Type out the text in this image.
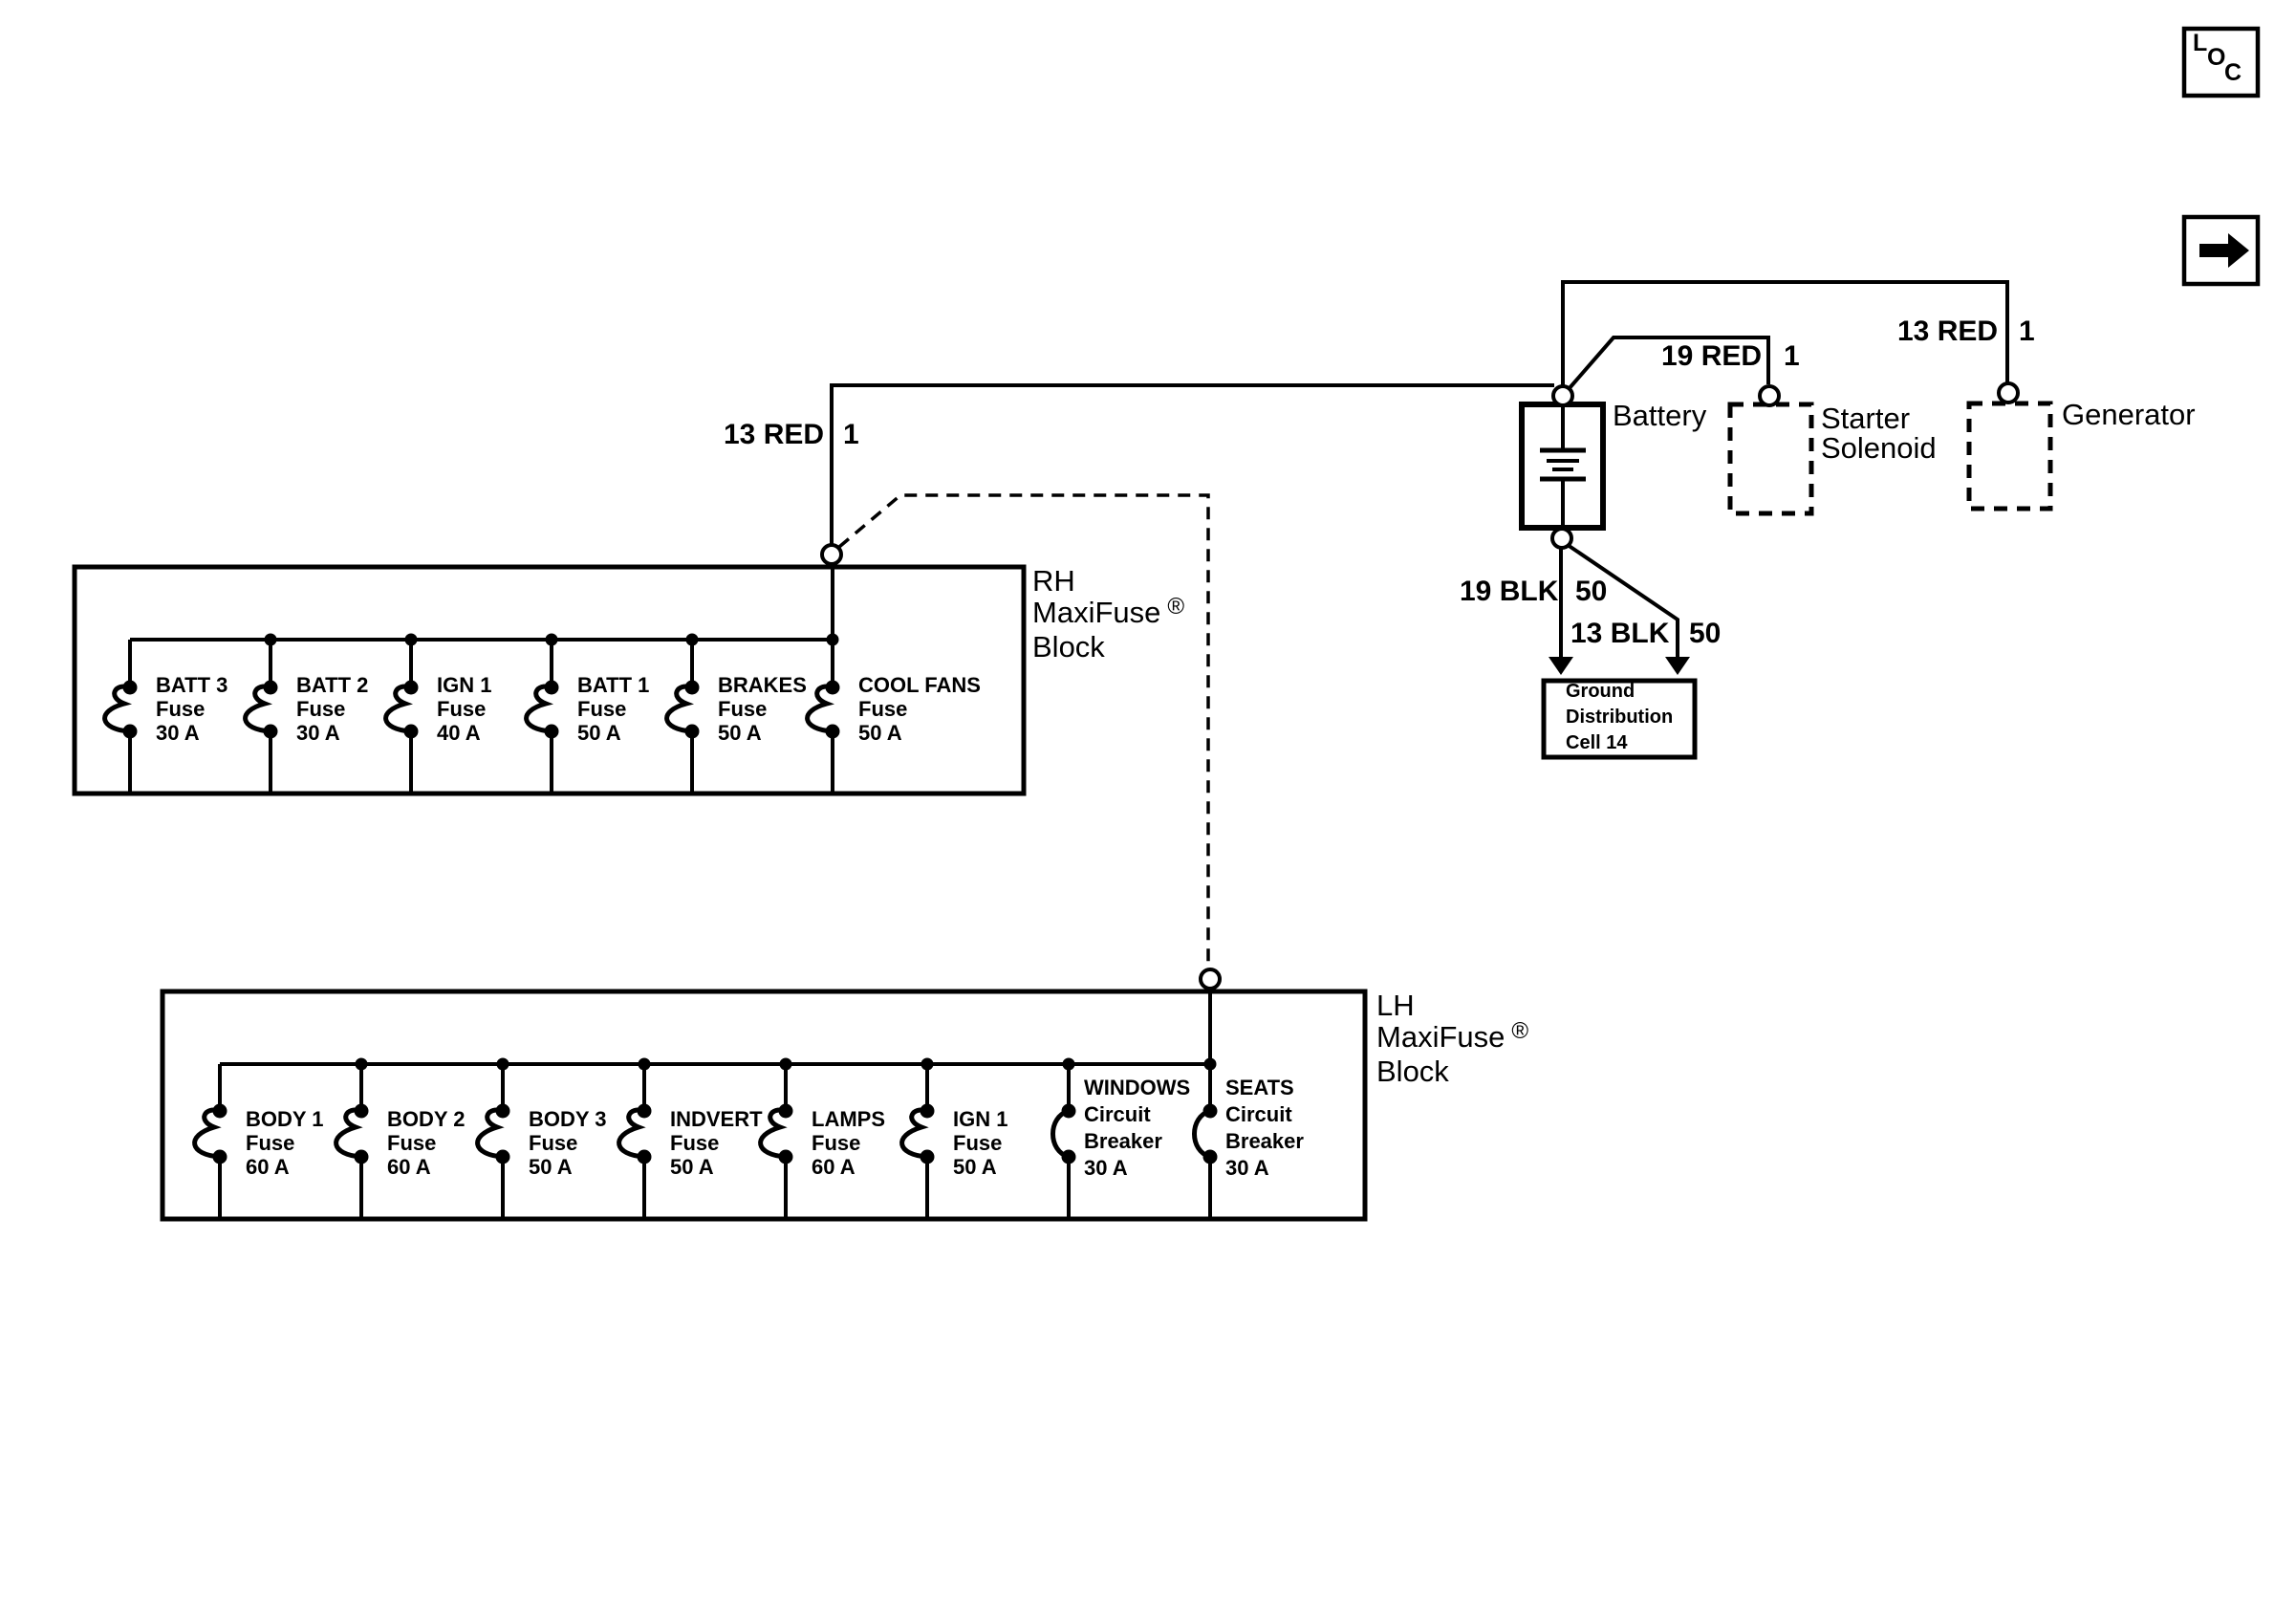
L
O
C
13 RED 1
19 RED 1
13 RED 1
19 BLK 50
13 BLK 50
Battery	Starter
Solenoid
Generator
Ground
Distribution
Cell 14
RH
MaxiFuse ®
Block
LH
MaxiFuse ®
Block
BATT 3
Fuse
30 A
BATT 2
Fuse
30 A
IGN 1
Fuse
40 A
BATT 1
Fuse
50 A
BRAKES
Fuse
50 A
COOL FANS
Fuse
50 A
BODY 1
Fuse
60 A
BODY 2
Fuse
60 A
BODY 3
Fuse
50 A
INDVERT
Fuse
50 A
LAMPS
Fuse
60 A
IGN 1
Fuse
50 A
WINDOWS
Circuit
Breaker
30 A
SEATS
Circuit
Breaker
30 A
